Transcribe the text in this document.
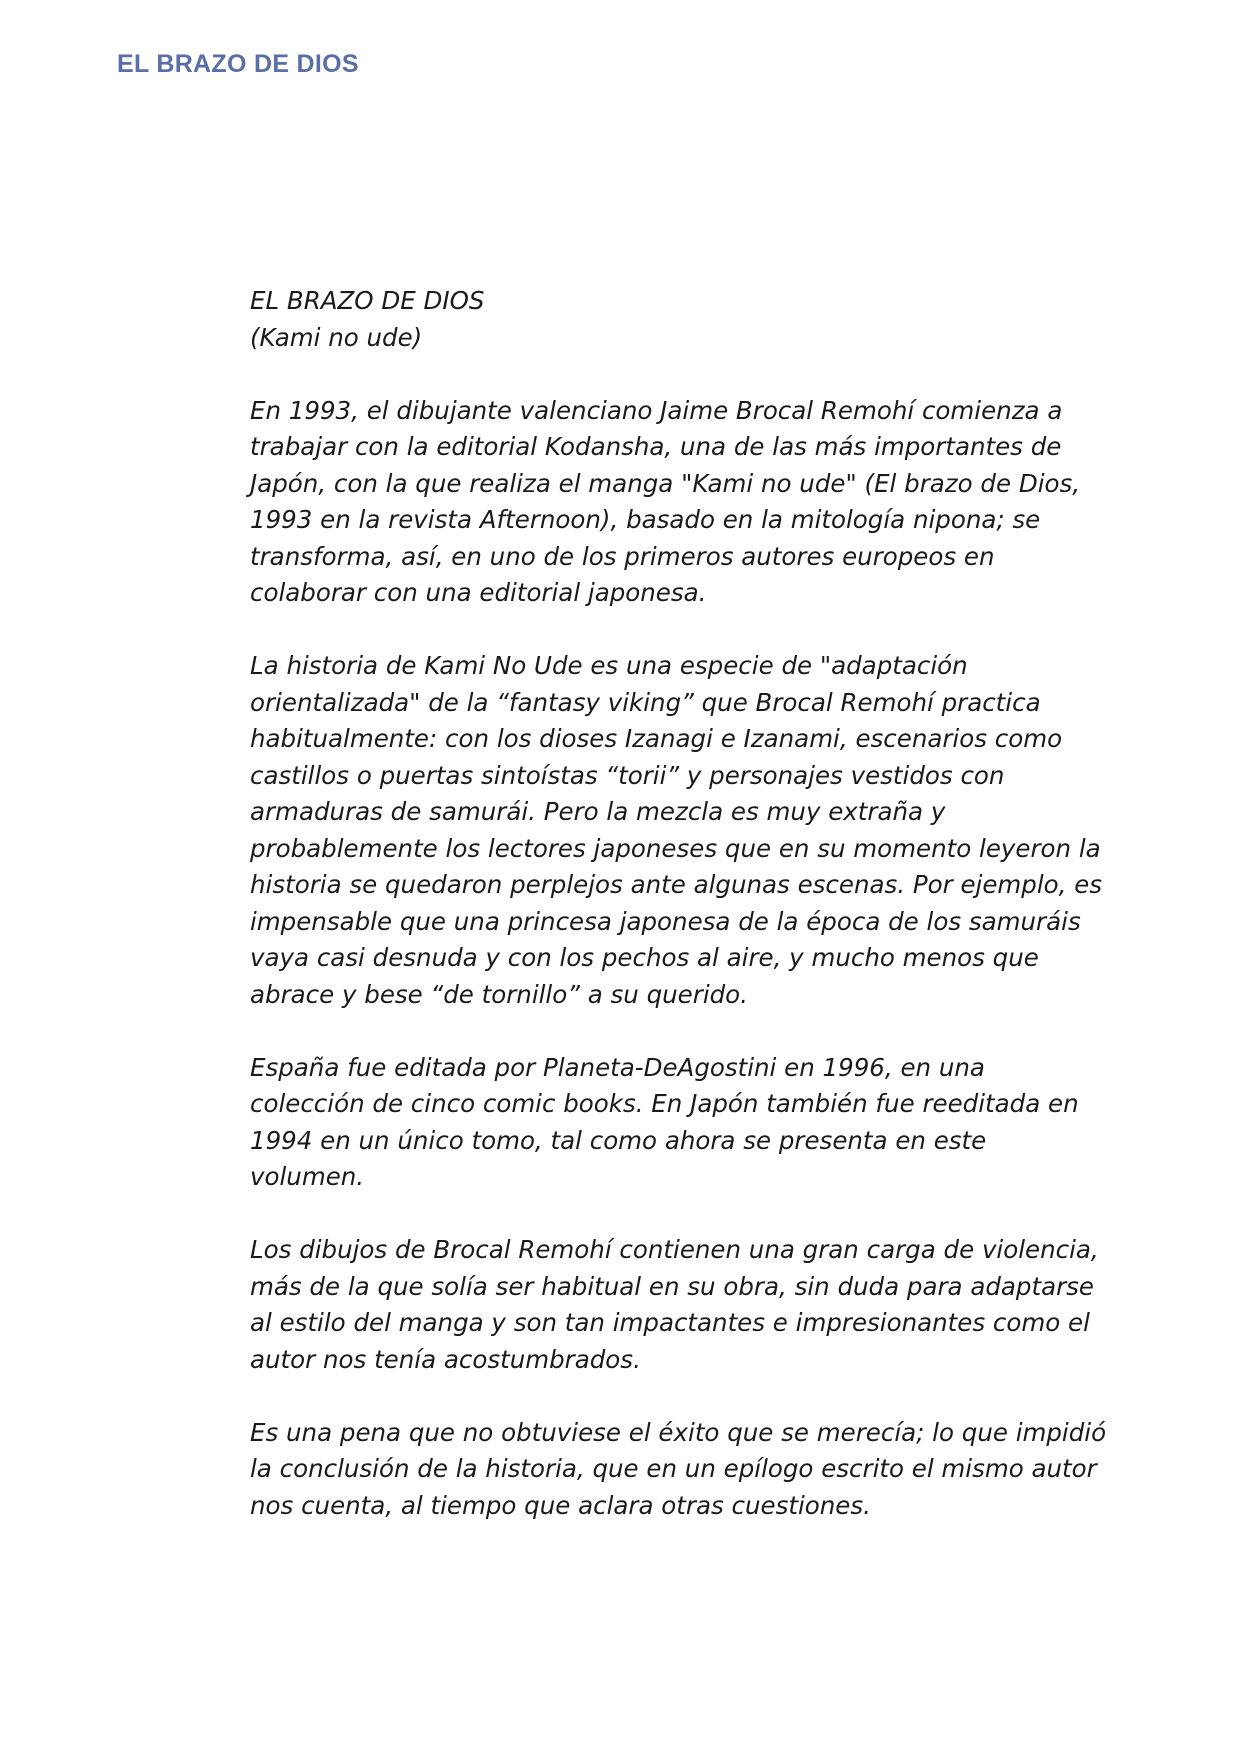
EL BRAZO DE DIOS

EL BRAZO DE DIOS
(Kami no ude)

En 1993, el dibujante valenciano Jaime Brocal Remohí comienza a
trabajar con la editorial Kodansha, una de las más importantes de
Japón, con la que realiza el manga "Kami no ude" (El brazo de Dios,
1993 en la revista Afternoon), basado en la mitología nipona; se
transforma, así, en uno de los primeros autores europeos en
colaborar con una editorial japonesa.

La historia de Kami No Ude es una especie de "adaptación
orientalizada" de la “fantasy viking” que Brocal Remohí practica
habitualmente: con los dioses Izanagi e Izanami, escenarios como
castillos o puertas sintoístas “torii” y personajes vestidos con
armaduras de samurái. Pero la mezcla es muy extraña y
probablemente los lectores japoneses que en su momento leyeron la
historia se quedaron perplejos ante algunas escenas. Por ejemplo, es
impensable que una princesa japonesa de la época de los samuráis
vaya casi desnuda y con los pechos al aire, y mucho menos que
abrace y bese “de tornillo” a su querido.

España fue editada por Planeta-DeAgostini en 1996, en una
colección de cinco comic books. En Japón también fue reeditada en
1994 en un único tomo, tal como ahora se presenta en este
volumen.

Los dibujos de Brocal Remohí contienen una gran carga de violencia,
más de la que solía ser habitual en su obra, sin duda para adaptarse
al estilo del manga y son tan impactantes e impresionantes como el
autor nos tenía acostumbrados.

Es una pena que no obtuviese el éxito que se merecía; lo que impidió
la conclusión de la historia, que en un epílogo escrito el mismo autor
nos cuenta, al tiempo que aclara otras cuestiones.
